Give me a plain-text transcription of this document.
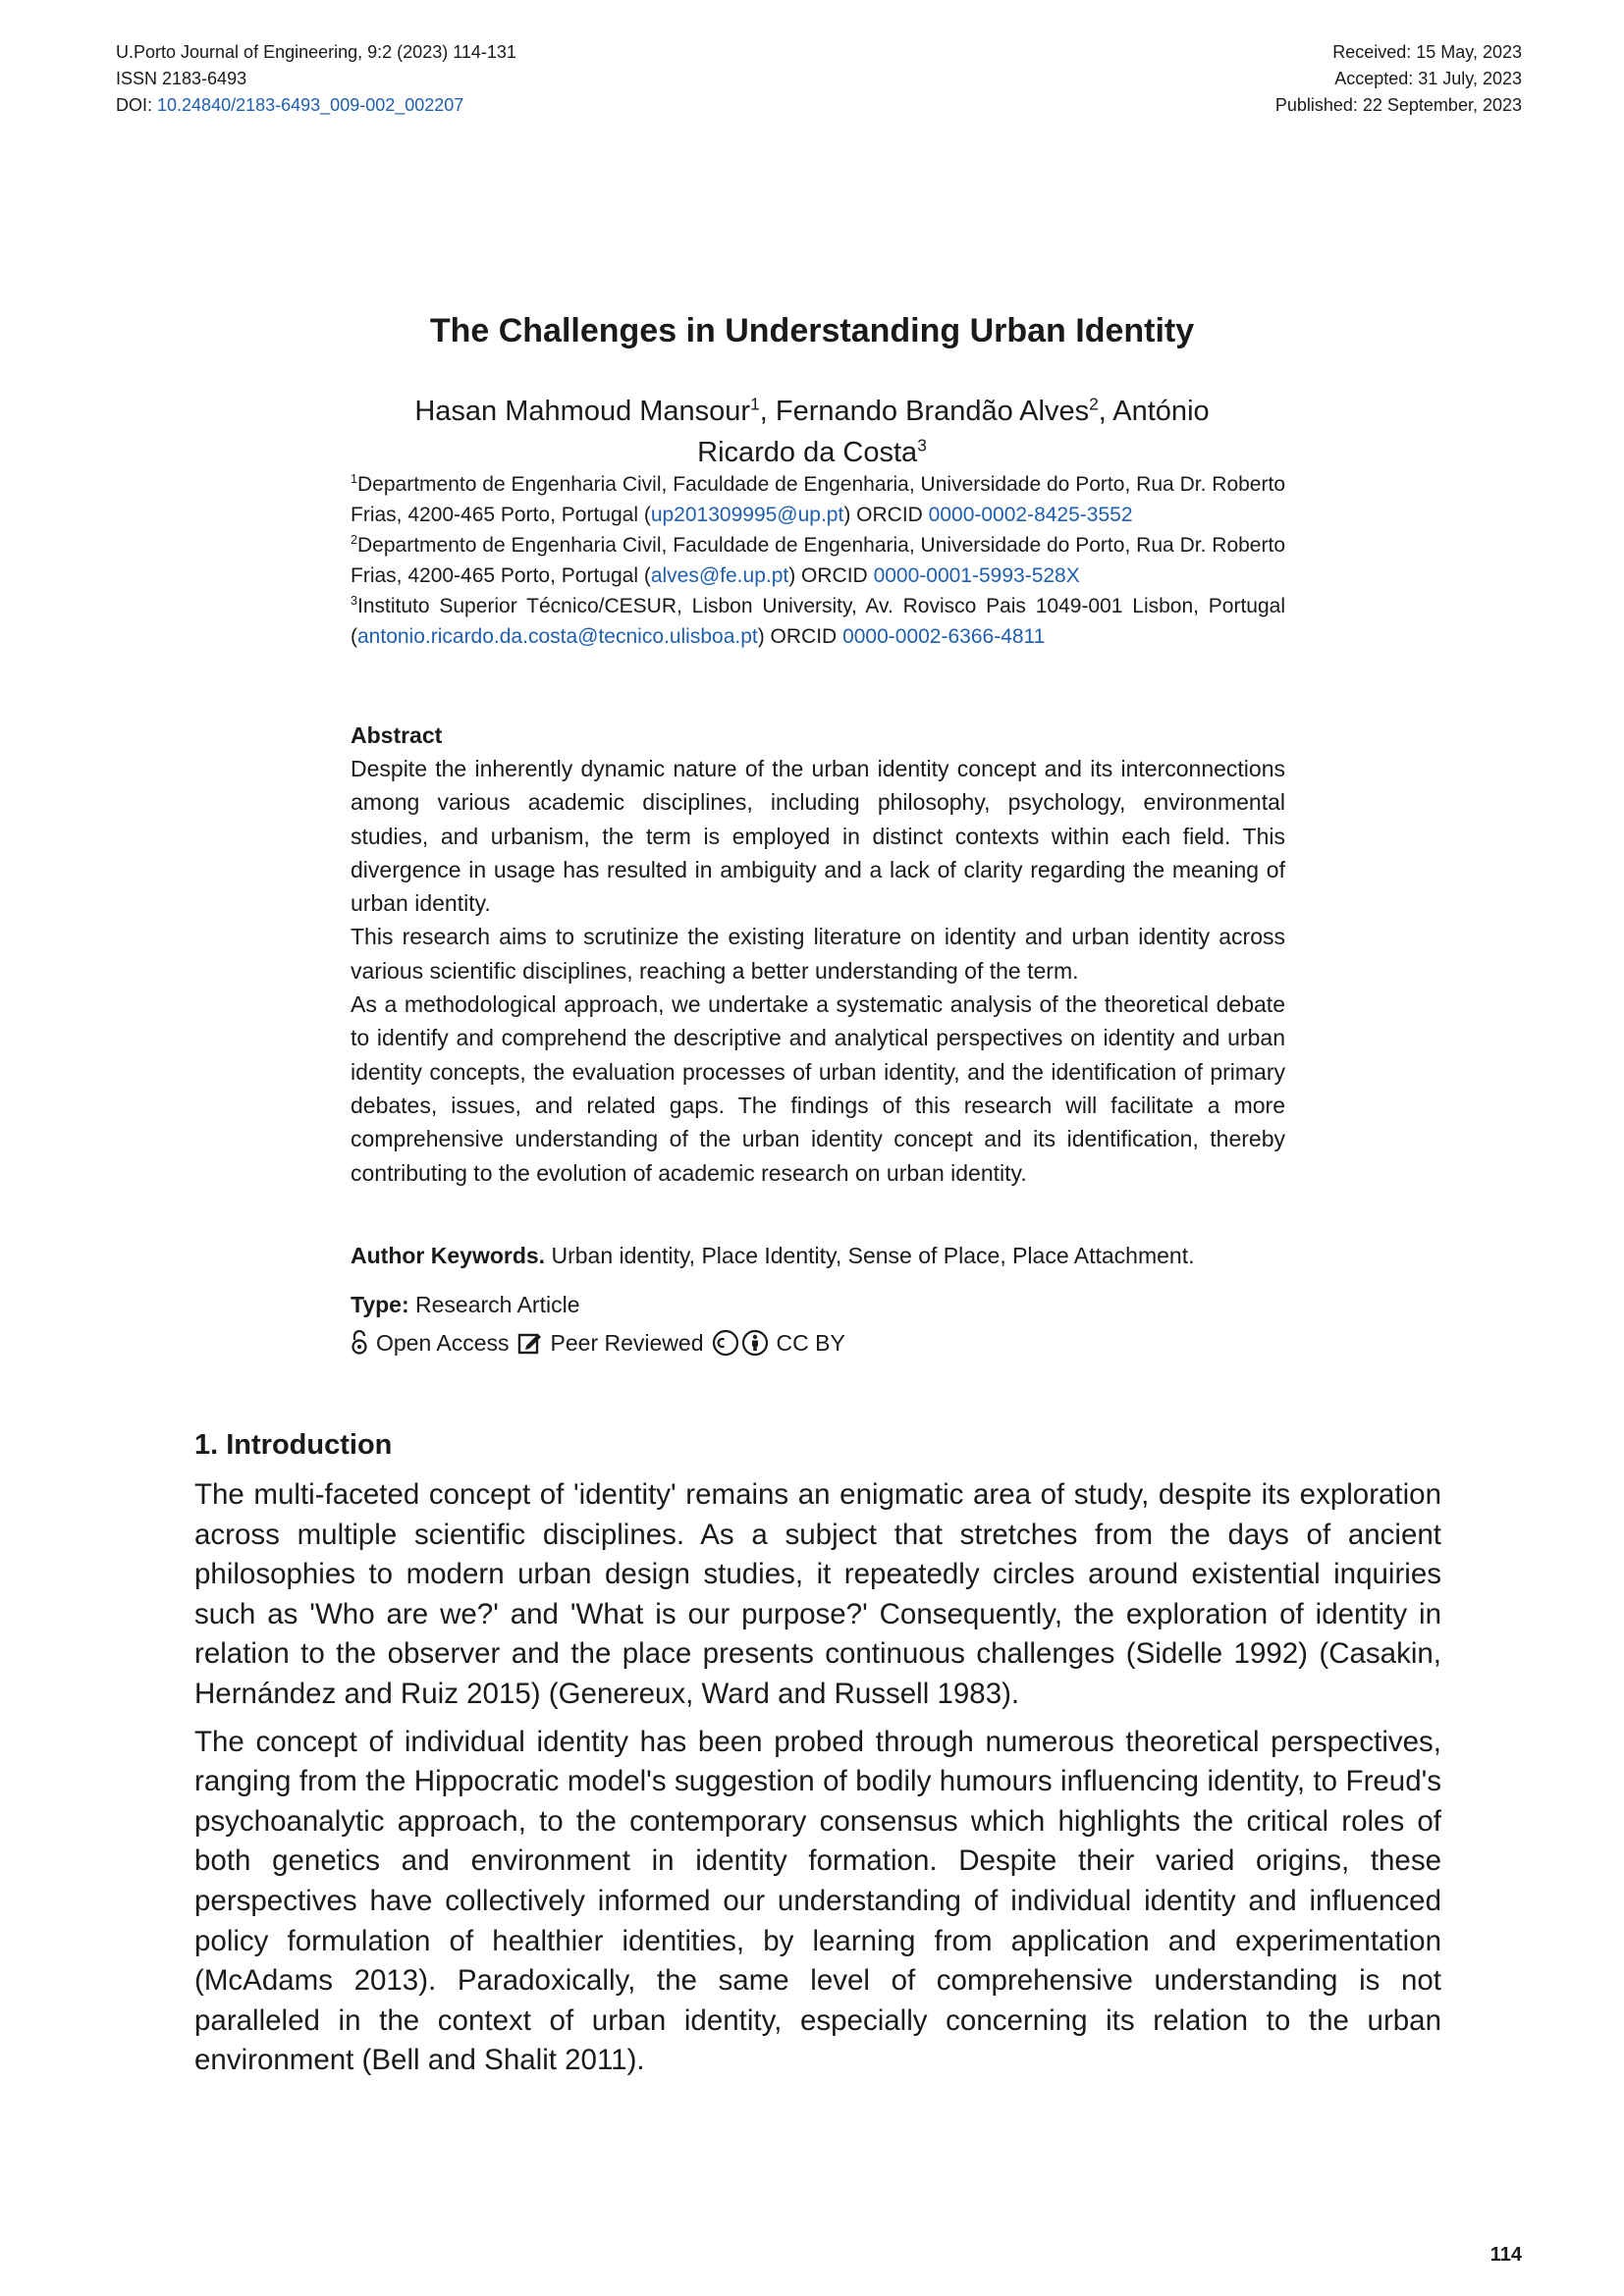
U.Porto Journal of Engineering, 9:2 (2023) 114-131
ISSN 2183-6493
DOI: 10.24840/2183-6493_009-002_002207
Received: 15 May, 2023
Accepted: 31 July, 2023
Published: 22 September, 2023
The Challenges in Understanding Urban Identity
Hasan Mahmoud Mansour$^1$, Fernando Brandão Alves$^2$, António
Ricardo da Costa$^3$

$^1$Departmento de Engenharia Civil, Faculdade de Engenharia, Universidade do Porto, Rua Dr. Roberto Frias, 4200-465 Porto, Portugal (up201309995@up.pt) ORCID 0000-0002-8425-3552

$^2$Departmento de Engenharia Civil, Faculdade de Engenharia, Universidade do Porto, Rua Dr. Roberto Frias, 4200-465 Porto, Portugal (alves@fe.up.pt) ORCID 0000-0001-5993-528X

$^3$Instituto Superior Técnico/CESUR, Lisbon University, Av. Rovisco Pais 1049-001 Lisbon, Portugal (antonio.ricardo.da.costa@tecnico.ulisboa.pt) ORCID 0000-0002-6366-4811

Abstract

Despite the inherently dynamic nature of the urban identity concept and its interconnections among various academic disciplines, including philosophy, psychology, environmental studies, and urbanism, the term is employed in distinct contexts within each field. This divergence in usage has resulted in ambiguity and a lack of clarity regarding the meaning of urban identity.

This research aims to scrutinize the existing literature on identity and urban identity across various scientific disciplines, reaching a better understanding of the term.

As a methodological approach, we undertake a systematic analysis of the theoretical debate to identify and comprehend the descriptive and analytical perspectives on identity and urban identity concepts, the evaluation processes of urban identity, and the identification of primary debates, issues, and related gaps. The findings of this research will facilitate a more comprehensive understanding of the urban identity concept and its identification, thereby contributing to the evolution of academic research on urban identity.

Author Keywords. Urban identity, Place Identity, Sense of Place, Place Attachment.
Type: Research Article
Open Access Peer Reviewed	CC BY
1. Introduction

The multi-faceted concept of 'identity' remains an enigmatic area of study, despite its exploration across multiple scientific disciplines. As a subject that stretches from the days of ancient philosophies to modern urban design studies, it repeatedly circles around existential inquiries such as 'Who are we?' and 'What is our purpose?' Consequently, the exploration of identity in relation to the observer and the place presents continuous challenges (Sidelle 1992) (Casakin, Hernández and Ruiz 2015) (Genereux, Ward and Russell 1983).

The concept of individual identity has been probed through numerous theoretical perspectives, ranging from the Hippocratic model's suggestion of bodily humours influencing identity, to Freud's psychoanalytic approach, to the contemporary consensus which highlights the critical roles of both genetics and environment in identity formation. Despite their varied origins, these perspectives have collectively informed our understanding of individual identity and influenced policy formulation of healthier identities, by learning from application and experimentation (McAdams 2013). Paradoxically, the same level of comprehensive understanding is not paralleled in the context of urban identity, especially concerning its relation to the urban environment (Bell and Shalit 2011).

114
